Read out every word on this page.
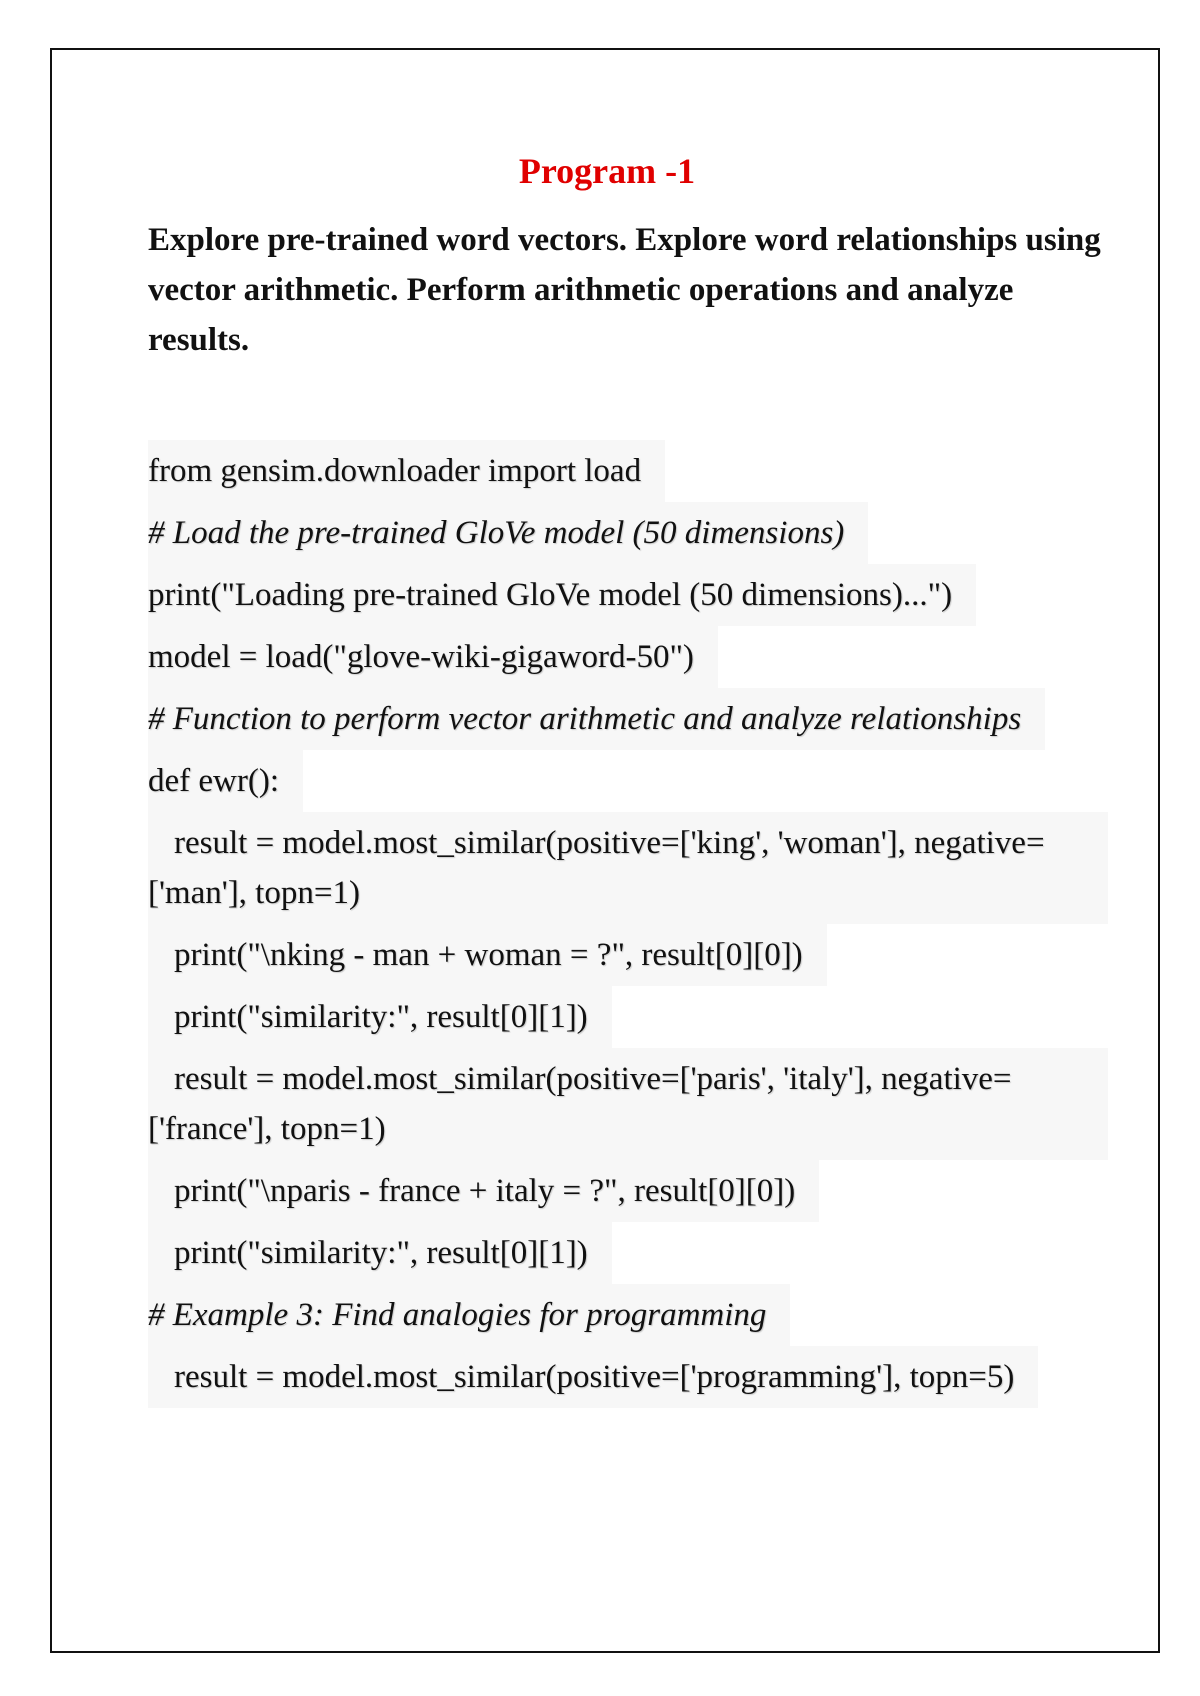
Program -1

Explore pre-trained word vectors. Explore word relationships using vector arithmetic. Perform arithmetic operations and analyze results.

from gensim.downloader import load
# Load the pre-trained GloVe model (50 dimensions)
print("Loading pre-trained GloVe model (50 dimensions)...")
model = load("glove-wiki-gigaword-50")
# Function to perform vector arithmetic and analyze relationships
def ewr():
result = model.most_similar(positive=['king', 'woman'], negative=['man'], topn=1)
print("\nking - man + woman = ?", result[0][0])
print("similarity:", result[0][1])
result = model.most_similar(positive=['paris', 'italy'], negative=['france'], topn=1)
print("\nparis - france + italy = ?", result[0][0])
print("similarity:", result[0][1])
# Example 3: Find analogies for programming
result = model.most_similar(positive=['programming'], topn=5)
